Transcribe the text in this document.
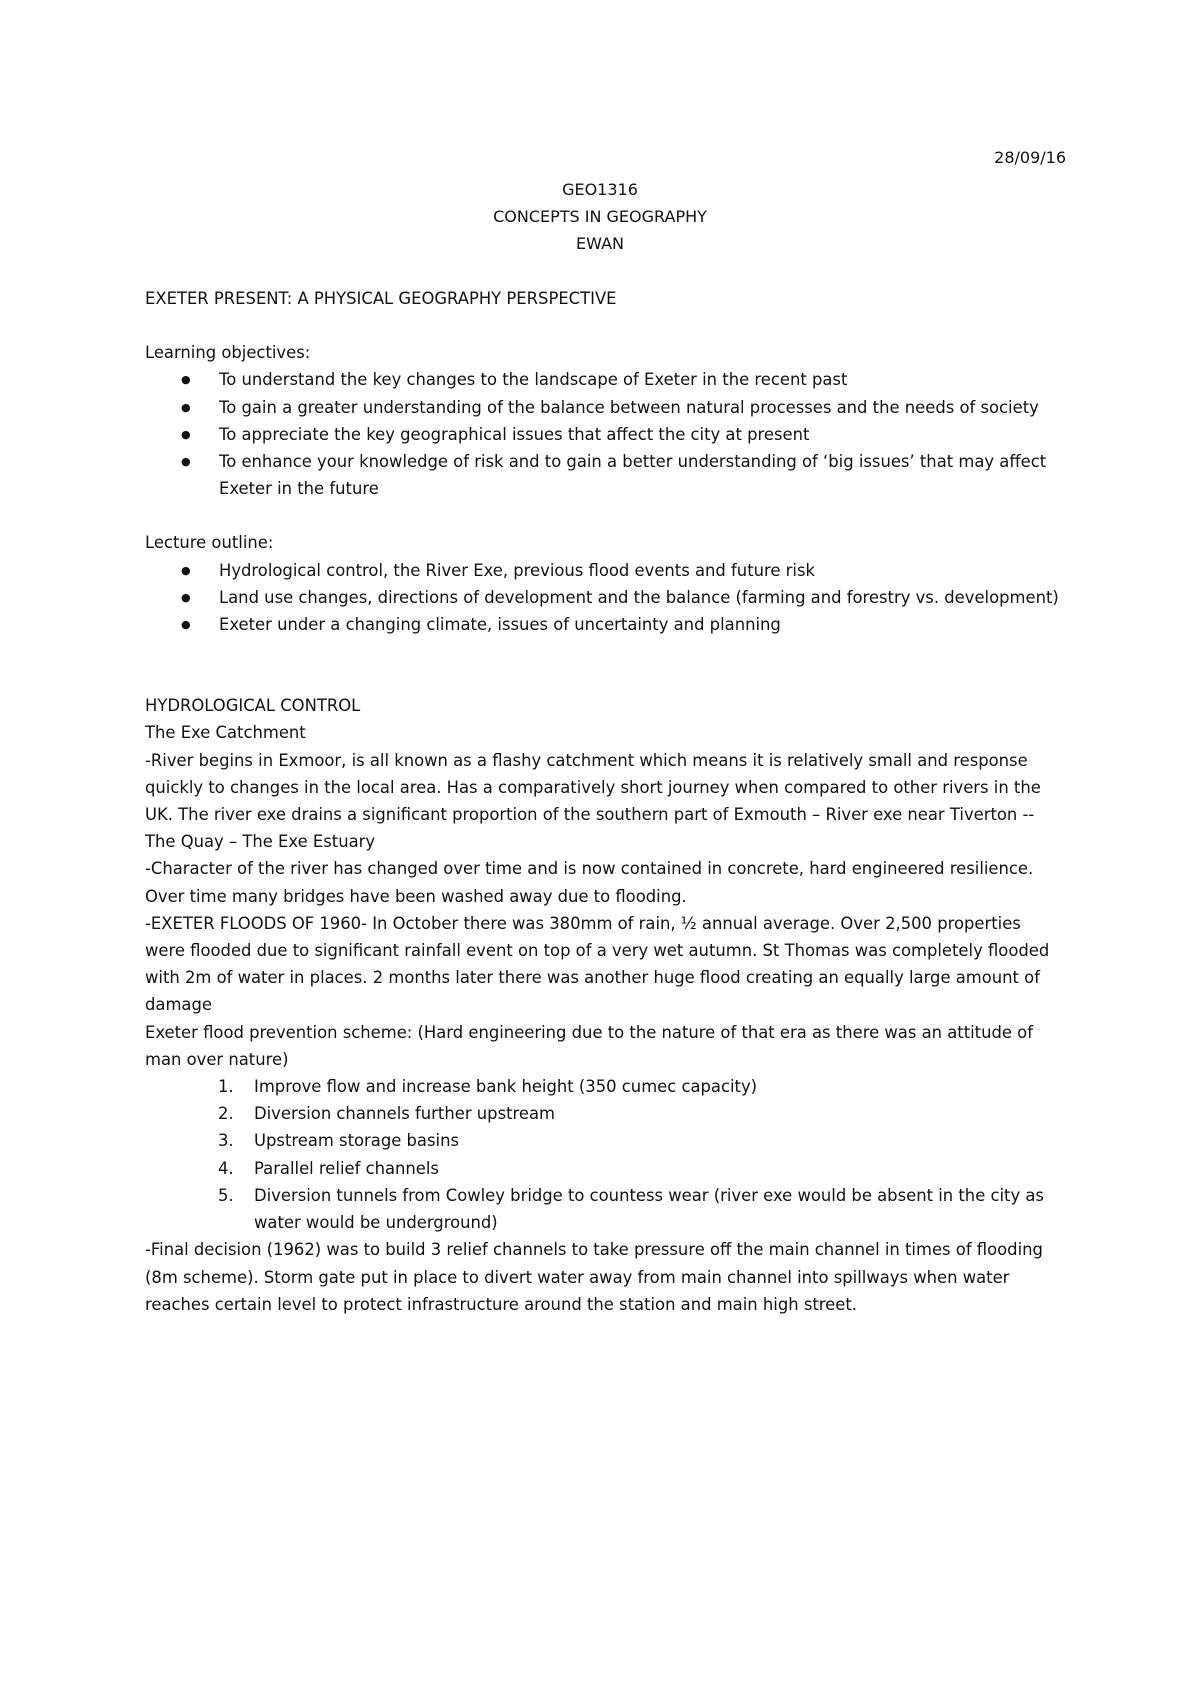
28/09/16
GEO1316
CONCEPTS IN GEOGRAPHY
EWAN

EXETER PRESENT: A PHYSICAL GEOGRAPHY PERSPECTIVE

Learning objectives:

● To understand the key changes to the landscape of Exeter in the recent past
● To gain a greater understanding of the balance between natural processes and the needs of society
● To appreciate the key geographical issues that affect the city at present
● To enhance your knowledge of risk and to gain a better understanding of ‘big issues’ that may affect Exeter in the future

Lecture outline:

● Hydrological control, the River Exe, previous flood events and future risk
● Land use changes, directions of development and the balance (farming and forestry vs. development)
● Exeter under a changing climate, issues of uncertainty and planning

HYDROLOGICAL CONTROL

The Exe Catchment

-River begins in Exmoor, is all known as a flashy catchment which means it is relatively small and response quickly to changes in the local area. Has a comparatively short journey when compared to other rivers in the UK. The river exe drains a significant proportion of the southern part of Exmouth – River exe near Tiverton -- The Quay – The Exe Estuary

-Character of the river has changed over time and is now contained in concrete, hard engineered resilience. Over time many bridges have been washed away due to flooding.

-EXETER FLOODS OF 1960- In October there was 380mm of rain, ½ annual average. Over 2,500 properties were flooded due to significant rainfall event on top of a very wet autumn. St Thomas was completely flooded with 2m of water in places. 2 months later there was another huge flood creating an equally large amount of damage

Exeter flood prevention scheme: (Hard engineering due to the nature of that era as there was an attitude of man over nature)

1. Improve flow and increase bank height (350 cumec capacity)
2. Diversion channels further upstream
3. Upstream storage basins
4. Parallel relief channels
5. Diversion tunnels from Cowley bridge to countess wear (river exe would be absent in the city as water would be underground)

-Final decision (1962) was to build 3 relief channels to take pressure off the main channel in times of flooding (8m scheme). Storm gate put in place to divert water away from main channel into spillways when water reaches certain level to protect infrastructure around the station and main high street.
